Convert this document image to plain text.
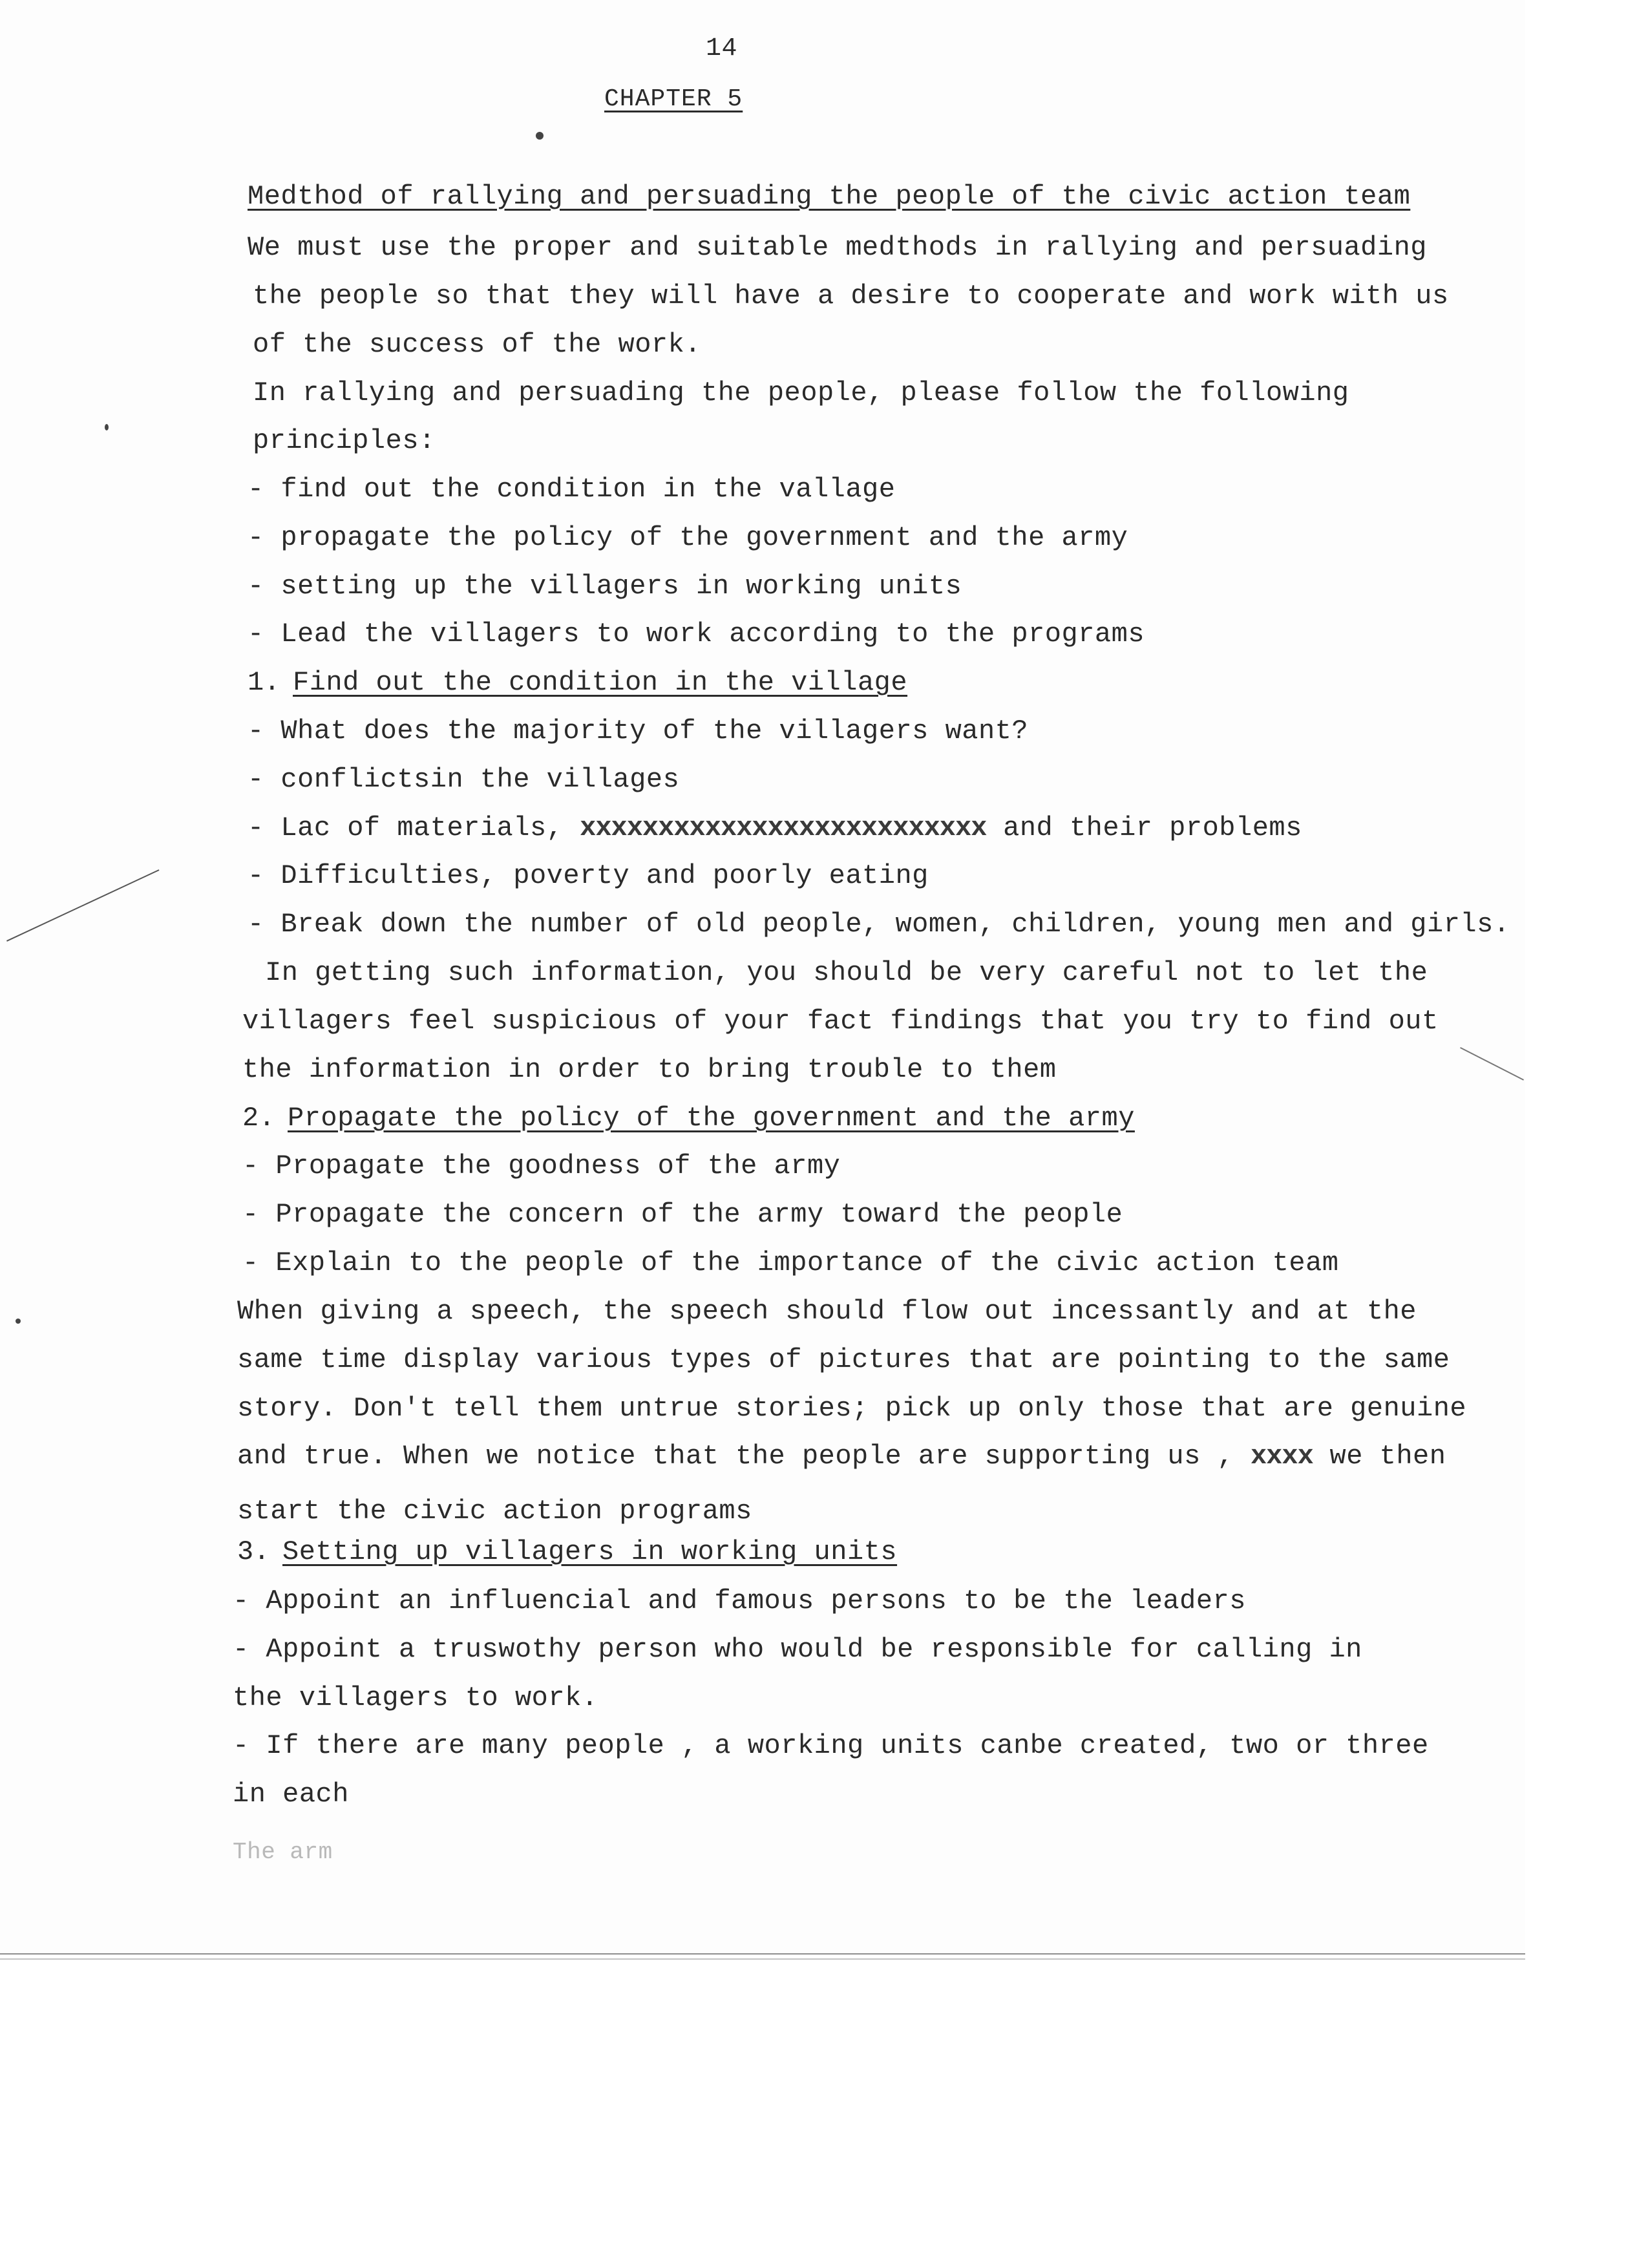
14
CHAPTER 5
Medthod of rallying and persuading the people of the civic action team
We must use the proper and suitable medthods in rallying and persuading
the people so that they will have a desire to cooperate and work with us
of the success of the work.
In rallying and persuading the people, please follow the following
principles:
- find out the condition in the vallage
- propagate the policy of the government and the army
- setting up the villagers in working units
- Lead the villagers to work according to the programs
1. Find out the condition in the village
- What does the majority of the villagers want?
- conflictsin the villages
- Lac of materials, xxxxxxxxxxxxxxxxxxxxxxxxxx and their problems
- Difficulties, poverty and poorly eating
- Break down the number of old people, women, children, young men and girls.
In getting such information, you should be very careful not to let the
villagers feel suspicious of your fact findings that you try to find out
the information in order to bring trouble to them
2. Propagate the policy of the government and the army
- Propagate the goodness of the army
- Propagate the concern of the army toward the people
- Explain to the people of the importance of the civic action team
When giving a speech, the speech should flow out incessantly and at the
same time display various types of pictures that are pointing to the same
story. Don't tell them untrue stories; pick up only those that are genuine
and true. When we notice that the people are supporting us , xxxx we then
start the civic action programs
3. Setting up villagers in working units
- Appoint an influencial and famous persons to be the leaders
- Appoint a truswothy person who would be responsible for calling in
the villagers to work.
- If there are many people , a working units canbe created, two or three
in each
The arm
